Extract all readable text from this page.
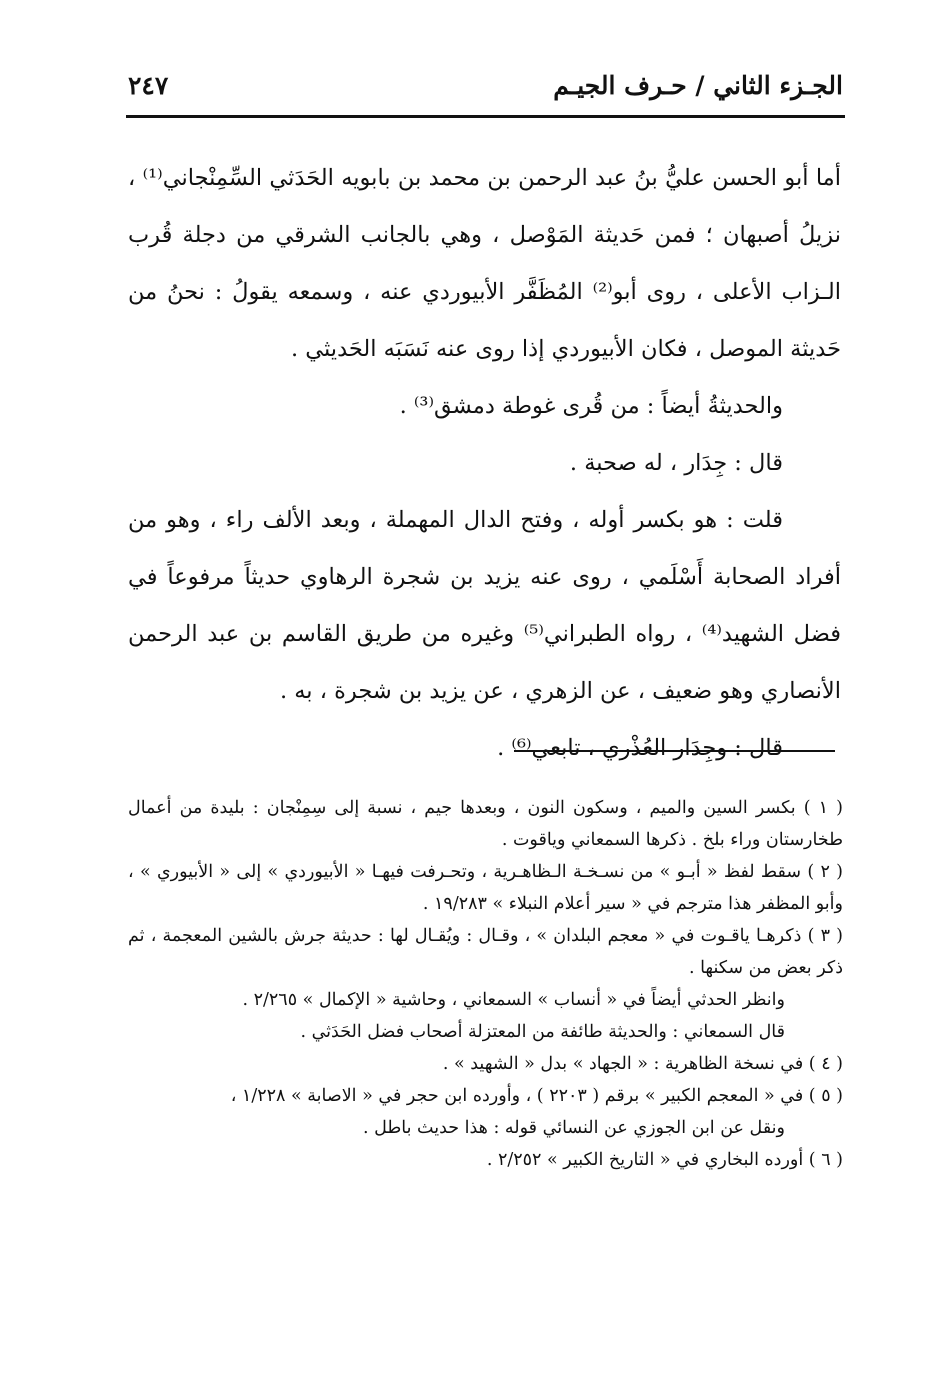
الجـزء الثاني / حـرف الجيـم
٢٤٧

أما أبو الحسن عليُّ بنُ عبد الرحمن بن محمد بن بابويه الحَدَثي السِّمِنْجاني⁽¹⁾ ، نزيلُ أصبهان ؛ فمن حَديثة المَوْصل ، وهي بالجانب الشرقي من دجلة قُرب الـزاب الأعلى ، روى أبو⁽²⁾ المُظَفَّر الأبيوردي عنه ، وسمعه يقولُ : نحنُ من حَديثة الموصل ، فكان الأبيوردي إذا روى عنه نَسَبَه الحَديثي .

والحديثةُ أيضاً : من قُرى غوطة دمشق⁽³⁾ .

قال : جِدَار ، له صحبة .

قلت : هو بكسر أوله ، وفتح الدال المهملة ، وبعد الألف راء ، وهو من أفراد الصحابة أَسْلَمي ، روى عنه يزيد بن شجرة الرهاوي حديثاً مرفوعاً في فضل الشهيد⁽⁴⁾ ، رواه الطبراني⁽⁵⁾ وغيره من طريق القاسم بن عبد الرحمن الأنصاري وهو ضعيف ، عن الزهري ، عن يزيد بن شجرة ، به .

قال : وجِدَار العُذْري ، تابعي⁽⁶⁾ .

( ١ ) بكسر السين والميم ، وسكون النون ، وبعدها جيم ، نسبة إلى سِمِنْجان : بليدة من أعمال طخارستان وراء بلخ . ذكرها السمعاني وياقوت .

( ٢ ) سقط لفظ « أبـو » من نسـخـة الـظاهـرية ، وتحـرفت فيهـا « الأبيوردي » إلى « الأبيوري » ، وأبو المظفر هذا مترجم في « سير أعلام النبلاء » ١٩/٢٨٣ .

( ٣ ) ذكرهـا ياقـوت في « معجم البلدان » ، وقـال : ويُقـال لها : حديثة جرش بالشين المعجمة ، ثم ذكر بعض من سكنها .

وانظر الحدثي أيضاً في « أنساب » السمعاني ، وحاشية « الإكمال » ٢/٢٦٥ .

قال السمعاني : والحديثة طائفة من المعتزلة أصحاب فضل الحَدَثي .

( ٤ ) في نسخة الظاهرية : « الجهاد » بدل « الشهيد » .

( ٥ ) في « المعجم الكبير » برقم ( ٢٢٠٣ ) ، وأورده ابن حجر في « الاصابة » ١/٢٢٨ ،

ونقل عن ابن الجوزي عن النسائي قوله : هذا حديث باطل .

( ٦ ) أورده البخاري في « التاريخ الكبير » ٢/٢٥٢ .
